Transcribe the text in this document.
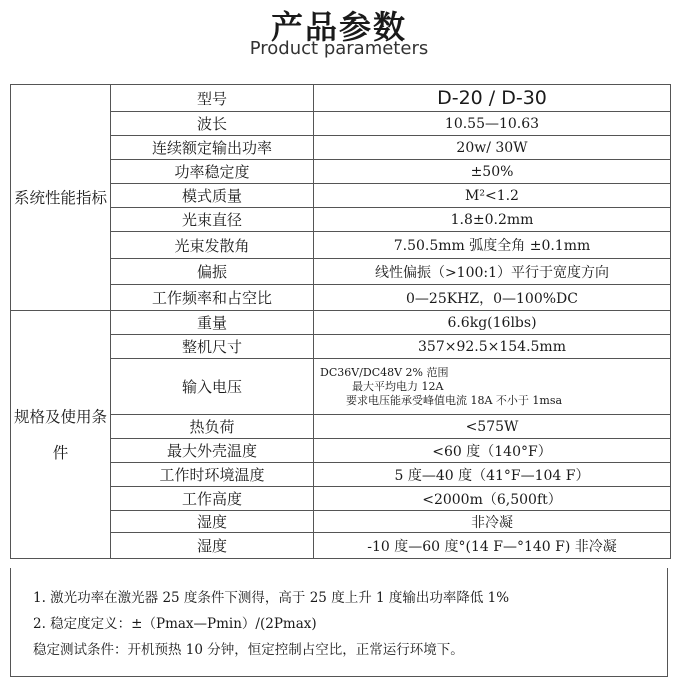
产品参数
Product parameters
系统性能指标	型号	D-20 / D-30
	波长	10.55—10.63
	连续额定输出功率	20w/ 30W
	功率稳定度	±50%
	模式质量	M²<1.2
	光束直径	1.8±0.2mm
	光束发散角	7.50.5mm 弧度全角 ±0.1mm
	偏振	线性偏振（>100:1）平行于宽度方向
	工作频率和占空比	0—25KHZ，0—100%DC
规格及使用条件	重量	6.6kg(16lbs)
	整机尺寸	357×92.5×154.5mm
	输入电压	DC36V/DC48V 2% 范围
最大平均电力 12A
要求电压能承受峰值电流 18A 不小于 1msa

	热负荷	<575W
	最大外壳温度	<60 度（140°F）
	工作时环境温度	5 度—40 度（41°F—104 F）
	工作高度	<2000m（6,500ft）
	湿度	非冷凝
	湿度	-10 度—60 度°(14 F—°140 F) 非冷凝
1. 激光功率在激光器 25 度条件下测得，高于 25 度上升 1 度输出功率降低 1%
2. 稳定度定义：±（Pmax—Pmin）/(2Pmax)
稳定测试条件：开机预热 10 分钟，恒定控制占空比，正常运行环境下。
